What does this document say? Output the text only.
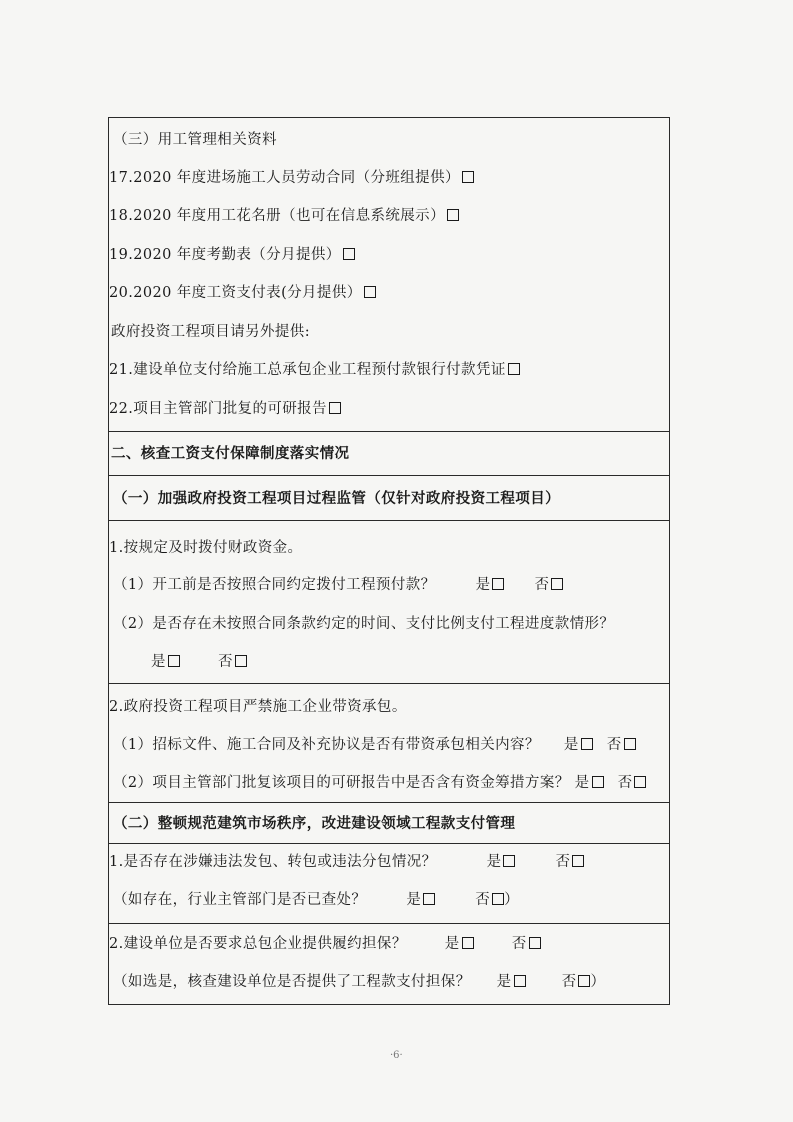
（三）用工管理相关资料
17.2020 年度进场施工人员劳动合同（分班组提供）
18.2020 年度用工花名册（也可在信息系统展示）
19.2020 年度考勤表（分月提供）
20.2020 年度工资支付表(分月提供）
政府投资工程项目请另外提供:
21.建设单位支付给施工总承包企业工程预付款银行付款凭证
22.项目主管部门批复的可研报告
二、核查工资支付保障制度落实情况
（一）加强政府投资工程项目过程监管（仅针对政府投资工程项目）
1.按规定及时拨付财政资金。
（1）开工前是否按照合同约定拨付工程预付款？	是	否
（2）是否存在未按照合同条款约定的时间、支付比例支付工程进度款情形？
是	否
2.政府投资工程项目严禁施工企业带资承包。
（1）招标文件、施工合同及补充协议是否有带资承包相关内容？ 是 否
（2）项目主管部门批复该项目的可研报告中是否含有资金筹措方案？ 是 否
（二）整顿规范建筑市场秩序，改进建设领域工程款支付管理
1.是否存在涉嫌违法发包、转包或违法分包情况？	是	否
（如存在，行业主管部门是否已查处？	是	否 ）
2.建设单位是否要求总包企业提供履约担保？	是	否
（如选是，核查建设单位是否提供了工程款支付担保？ 是	否 ）
·6·
